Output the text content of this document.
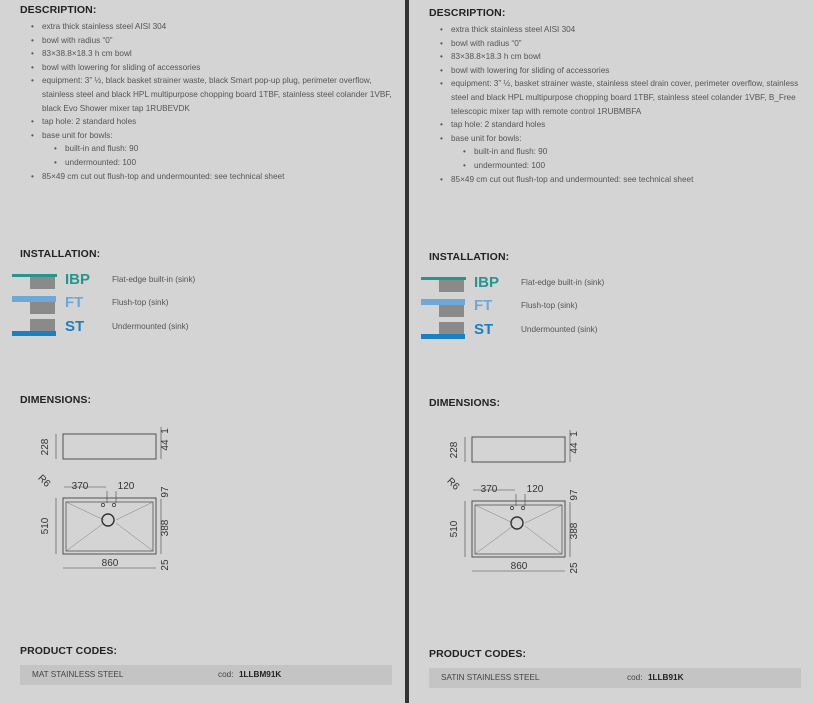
DESCRIPTION:
• extra thick stainless steel AISI 304
• bowl with radius “0”
• 83×38.8×18.3 h cm bowl
• bowl with lowering for sliding of accessories
• equipment: 3” ½, black basket strainer waste, black Smart pop-up plug, perimeter overflow, stainless steel and black HPL multipurpose chopping board 1TBF, stainless steel colander 1VBF, black Evo Shower mixer tap 1RUBEVDK
• tap hole: 2 standard holes
• base unit for bowls:
• built-in and flush: 90
• undermounted: 100
• 85×49 cm cut out flush-top and undermounted: see technical sheet
INSTALLATION:
IBP	Flat-edge built-in (sink)
FT	Flush-top (sink)
ST	Undermounted (sink)
DIMENSIONS:
228	44
1
R6 370	120
510
97
388
25
860
PRODUCT CODES:
MAT STAINLESS STEEL	cod: 1LLBM91K
DESCRIPTION:
• extra thick stainless steel AISI 304
• bowl with radius “0”
• 83×38.8×18.3 h cm bowl
• bowl with lowering for sliding of accessories
• equipment: 3” ½, basket strainer waste, stainless steel drain cover, perimeter overflow, stainless steel and black HPL multipurpose chopping board 1TBF, stainless steel colander 1VBF, B_Free telescopic mixer tap with remote control 1RUBMBFA
• tap hole: 2 standard holes
• base unit for bowls:
• built-in and flush: 90
• undermounted: 100
• 85×49 cm cut out flush-top and undermounted: see technical sheet
INSTALLATION:
IBP	Flat-edge built-in (sink)
FT	Flush-top (sink)
ST	Undermounted (sink)
DIMENSIONS:
228	44
1
R6 370	120
510
97
388
25
860
PRODUCT CODES:
SATIN STAINLESS STEEL	cod: 1LLB91K
